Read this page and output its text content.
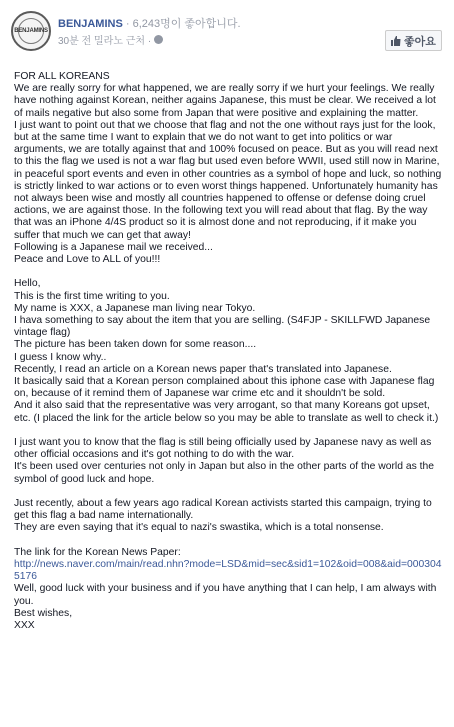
BENJAMINS
BENJAMINS · 6,243명이 좋아합니다.
30분 전 밀라노 근처 ·	좋아요

FOR ALL KOREANS

We are really sorry for what happened, we are really sorry if we hurt your feelings. We really have nothing against Korean, neither agains Japanese, this must be clear. We received a lot of mails negative but also some from Japan that were positive and explaining the matter.

I just want to point out that we choose that flag and not the one without rays just for the look, but at the same time I want to explain that we do not want to get into politics or war arguments, we are totally against that and 100% focused on peace. But as you will read next to this the flag we used is not a war flag but used even before WWII, used still now in Marine, in peaceful sport events and even in other countries as a symbol of hope and luck, so nothing is strictly linked to war actions or to even worst things happened. Unfortunately humanity has not always been wise and mostly all countries happened to offense or defense doing cruel actions, we are against those. In the following text you will read about that flag. By the way that was an iPhone 4/4S product so it is almost done and not reproducing, if it make you suffer that much we can get that away!

Following is a Japanese mail we received...

Peace and Love to ALL of you!!!

Hello,

This is the first time writing to you.

My name is XXX, a Japanese man living near Tokyo.

I hava something to say about the item that you are selling. (S4FJP - SKILLFWD Japanese vintage flag)

The picture has been taken down for some reason....

I guess I know why..

Recently, I read an article on a Korean news paper that's translated into Japanese.

It basically said that a Korean person complained about this iphone case with Japanese flag on, because of it remind them of Japanese war crime etc and it shouldn't be sold.

And it also said that the representative was very arrogant, so that many Koreans got upset, etc. (I placed the link for the article below so you may be able to translate as well to check it.)

I just want you to know that the flag is still being officially used by Japanese navy as well as other official occasions and it's got nothing to do with the war.

It's been used over centuries not only in Japan but also in the other parts of the world as the symbol of good luck and hope.

Just recently, about a few years ago radical Korean activists started this campaign, trying to get this flag a bad name internationally.

They are even saying that it's equal to nazi's swastika, which is a total nonsense.

The link for the Korean News Paper:

http://news.naver.com/main/read.nhn?mode=LSD&mid=sec&sid1=102&oid=008&aid=0003045176

Well, good luck with your business and if you have anything that I can help, I am always with you.

Best wishes,

XXX
